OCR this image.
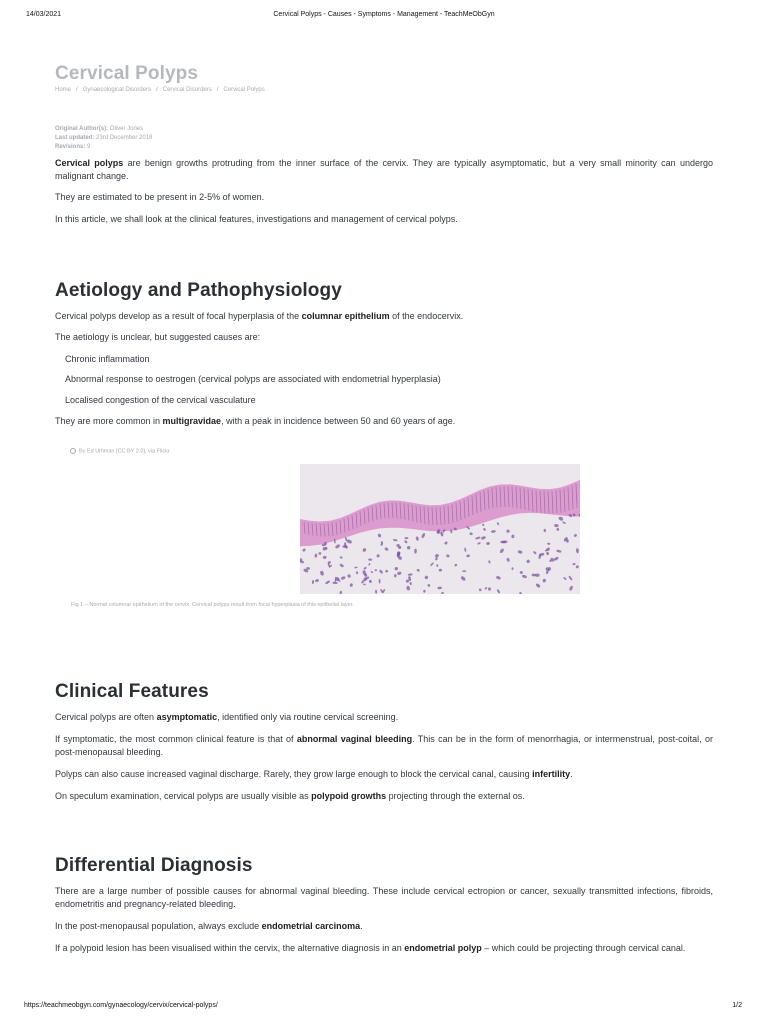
14/03/2021	Cervical Polyps - Causes - Symptoms - Management - TeachMeObGyn
Cervical Polyps
Home / Gynaecological Disorders / Cervical Disorders / Cervical Polyps
Original Author(s): Oliver Jones
Last updated: 23rd December 2018
Revisions: 9
Cervical polyps are benign growths protruding from the inner surface of the cervix. They are typically asymptomatic, but a very small minority can undergo malignant change.
They are estimated to be present in 2-5% of women.
In this article, we shall look at the clinical features, investigations and management of cervical polyps.
Aetiology and Pathophysiology
Cervical polyps develop as a result of focal hyperplasia of the columnar epithelium of the endocervix.
The aetiology is unclear, but suggested causes are:
Chronic inflammation
Abnormal response to oestrogen (cervical polyps are associated with endometrial hyperplasia)
Localised congestion of the cervical vasculature
They are more common in multigravidae, with a peak in incidence between 50 and 60 years of age.
By Ed Uthman [CC BY 2.0], via Flickr
Fig 1 – Normal columnar epithelium of the cervix. Cervical polyps result from focal hyperplasia of this epithelial layer.
Clinical Features
Cervical polyps are often asymptomatic, identified only via routine cervical screening.
If symptomatic, the most common clinical feature is that of abnormal vaginal bleeding. This can be in the form of menorrhagia, or intermenstrual, post-coital, or post-menopausal bleeding.
Polyps can also cause increased vaginal discharge. Rarely, they grow large enough to block the cervical canal, causing infertility.
On speculum examination, cervical polyps are usually visible as polypoid growths projecting through the external os.
Differential Diagnosis
There are a large number of possible causes for abnormal vaginal bleeding. These include cervical ectropion or cancer, sexually transmitted infections, fibroids, endometritis and pregnancy-related bleeding.
In the post-menopausal population, always exclude endometrial carcinoma.
If a polypoid lesion has been visualised within the cervix, the alternative diagnosis in an endometrial polyp – which could be projecting through cervical canal.
https://teachmeobgyn.com/gynaecology/cervix/cervical-polyps/	1/2
